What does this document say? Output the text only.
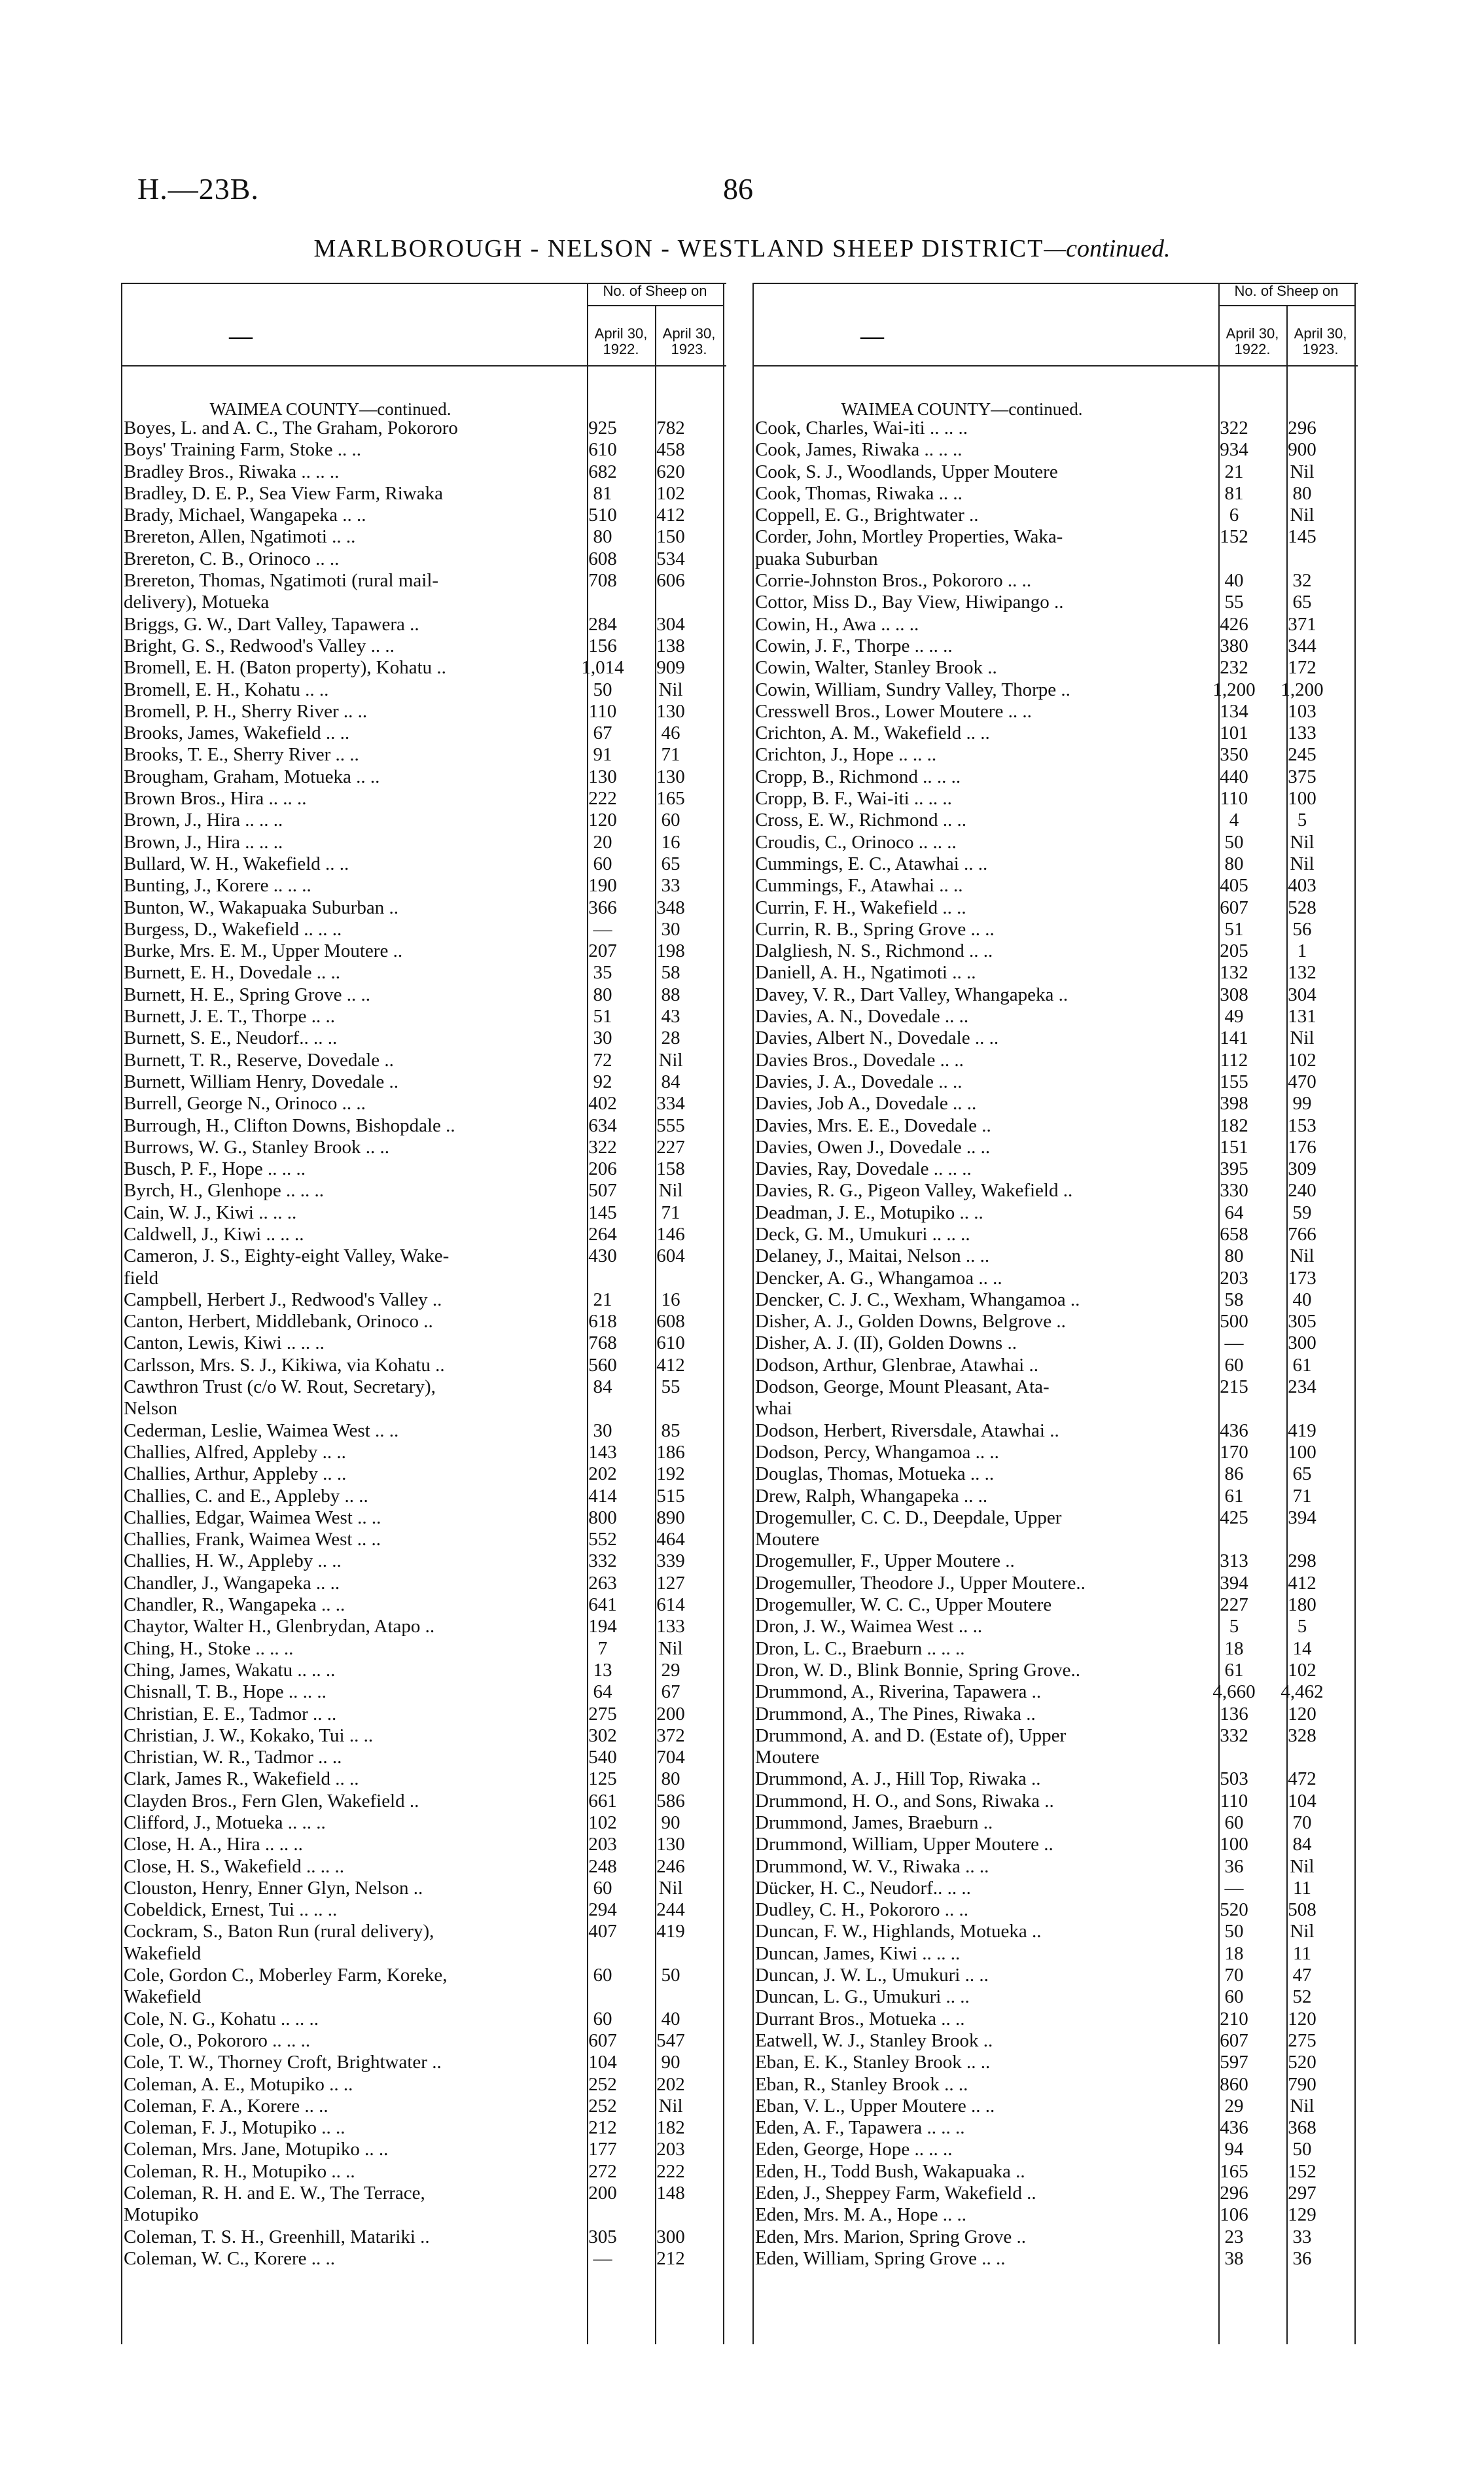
H.—23B.	86
MARLBOROUGH - NELSON - WESTLAND SHEEP DISTRICT—continued.
—
No. of Sheep on
April 30, 1922.
April 30, 1923.
WAIMEA COUNTY—continued.
Boyes, L. and A. C., The Graham, Pokororo	925	782
Boys' Training Farm, Stoke .. ..	610	458
Bradley Bros., Riwaka .. .. ..	682	620
Bradley, D. E. P., Sea View Farm, Riwaka	81	102
Brady, Michael, Wangapeka .. ..	510	412
Brereton, Allen, Ngatimoti .. ..	80	150
Brereton, C. B., Orinoco .. ..	608	534
Brereton, Thomas, Ngatimoti (rural mail-	708	606
delivery), Motueka
Briggs, G. W., Dart Valley, Tapawera ..	284	304
Bright, G. S., Redwood's Valley .. ..	156	138
Bromell, E. H. (Baton property), Kohatu ..	1,014	909
Bromell, E. H., Kohatu .. ..	50	Nil
Bromell, P. H., Sherry River .. ..	110	130
Brooks, James, Wakefield .. ..	67	46
Brooks, T. E., Sherry River .. ..	91	71
Brougham, Graham, Motueka .. ..	130	130
Brown Bros., Hira .. .. ..	222	165
Brown, J., Hira .. .. ..	120	60
Brown, J., Hira .. .. ..	20	16
Bullard, W. H., Wakefield .. ..	60	65
Bunting, J., Korere .. .. ..	190	33
Bunton, W., Wakapuaka Suburban ..	366	348
Burgess, D., Wakefield .. .. ..	—	30
Burke, Mrs. E. M., Upper Moutere ..	207	198
Burnett, E. H., Dovedale .. ..	35	58
Burnett, H. E., Spring Grove .. ..	80	88
Burnett, J. E. T., Thorpe .. ..	51	43
Burnett, S. E., Neudorf.. .. ..	30	28
Burnett, T. R., Reserve, Dovedale ..	72	Nil
Burnett, William Henry, Dovedale ..	92	84
Burrell, George N., Orinoco .. ..	402	334
Burrough, H., Clifton Downs, Bishopdale ..	634	555
Burrows, W. G., Stanley Brook .. ..	322	227
Busch, P. F., Hope .. .. ..	206	158
Byrch, H., Glenhope .. .. ..	507	Nil
Cain, W. J., Kiwi .. .. ..	145	71
Caldwell, J., Kiwi .. .. ..	264	146
Cameron, J. S., Eighty-eight Valley, Wake-	430	604
field
Campbell, Herbert J., Redwood's Valley ..	21	16
Canton, Herbert, Middlebank, Orinoco ..	618	608
Canton, Lewis, Kiwi .. .. ..	768	610
Carlsson, Mrs. S. J., Kikiwa, via Kohatu ..	560	412
Cawthron Trust (c/o W. Rout, Secretary),	84	55
Nelson
Cederman, Leslie, Waimea West .. ..	30	85
Challies, Alfred, Appleby .. ..	143	186
Challies, Arthur, Appleby .. ..	202	192
Challies, C. and E., Appleby .. ..	414	515
Challies, Edgar, Waimea West .. ..	800	890
Challies, Frank, Waimea West .. ..	552	464
Challies, H. W., Appleby .. ..	332	339
Chandler, J., Wangapeka .. ..	263	127
Chandler, R., Wangapeka .. ..	641	614
Chaytor, Walter H., Glenbrydan, Atapo ..	194	133
Ching, H., Stoke .. .. ..	7	Nil
Ching, James, Wakatu .. .. ..	13	29
Chisnall, T. B., Hope .. .. ..	64	67
Christian, E. E., Tadmor .. ..	275	200
Christian, J. W., Kokako, Tui .. ..	302	372
Christian, W. R., Tadmor .. ..	540	704
Clark, James R., Wakefield .. ..	125	80
Clayden Bros., Fern Glen, Wakefield ..	661	586
Clifford, J., Motueka .. .. ..	102	90
Close, H. A., Hira .. .. ..	203	130
Close, H. S., Wakefield .. .. ..	248	246
Clouston, Henry, Enner Glyn, Nelson ..	60	Nil
Cobeldick, Ernest, Tui .. .. ..	294	244
Cockram, S., Baton Run (rural delivery),	407	419
Wakefield
Cole, Gordon C., Moberley Farm, Koreke,	60	50
Wakefield
Cole, N. G., Kohatu .. .. ..	60	40
Cole, O., Pokororo .. .. ..	607	547
Cole, T. W., Thorney Croft, Brightwater ..	104	90
Coleman, A. E., Motupiko .. ..	252	202
Coleman, F. A., Korere .. ..	252	Nil
Coleman, F. J., Motupiko .. ..	212	182
Coleman, Mrs. Jane, Motupiko .. ..	177	203
Coleman, R. H., Motupiko .. ..	272	222
Coleman, R. H. and E. W., The Terrace,	200	148
Motupiko
Coleman, T. S. H., Greenhill, Matariki ..	305	300
Coleman, W. C., Korere .. ..	—	212
—
No. of Sheep on
April 30, 1922.
April 30, 1923.
WAIMEA COUNTY—continued.
Cook, Charles, Wai-iti .. .. ..	322	296
Cook, James, Riwaka .. .. ..	934	900
Cook, S. J., Woodlands, Upper Moutere	21	Nil
Cook, Thomas, Riwaka .. ..	81	80
Coppell, E. G., Brightwater ..	6	Nil
Corder, John, Mortley Properties, Waka-	152	145
puaka Suburban
Corrie-Johnston Bros., Pokororo .. ..	40	32
Cottor, Miss D., Bay View, Hiwipango ..	55	65
Cowin, H., Awa .. .. ..	426	371
Cowin, J. F., Thorpe .. .. ..	380	344
Cowin, Walter, Stanley Brook ..	232	172
Cowin, William, Sundry Valley, Thorpe ..	1,200	1,200
Cresswell Bros., Lower Moutere .. ..	134	103
Crichton, A. M., Wakefield .. ..	101	133
Crichton, J., Hope .. .. ..	350	245
Cropp, B., Richmond .. .. ..	440	375
Cropp, B. F., Wai-iti .. .. ..	110	100
Cross, E. W., Richmond .. ..	4	5
Croudis, C., Orinoco .. .. ..	50	Nil
Cummings, E. C., Atawhai .. ..	80	Nil
Cummings, F., Atawhai .. ..	405	403
Currin, F. H., Wakefield .. ..	607	528
Currin, R. B., Spring Grove .. ..	51	56
Dalgliesh, N. S., Richmond .. ..	205	1
Daniell, A. H., Ngatimoti .. ..	132	132
Davey, V. R., Dart Valley, Whangapeka ..	308	304
Davies, A. N., Dovedale .. ..	49	131
Davies, Albert N., Dovedale .. ..	141	Nil
Davies Bros., Dovedale .. ..	112	102
Davies, J. A., Dovedale .. ..	155	470
Davies, Job A., Dovedale .. ..	398	99
Davies, Mrs. E. E., Dovedale ..	182	153
Davies, Owen J., Dovedale .. ..	151	176
Davies, Ray, Dovedale .. .. ..	395	309
Davies, R. G., Pigeon Valley, Wakefield ..	330	240
Deadman, J. E., Motupiko .. ..	64	59
Deck, G. M., Umukuri .. .. ..	658	766
Delaney, J., Maitai, Nelson .. ..	80	Nil
Dencker, A. G., Whangamoa .. ..	203	173
Dencker, C. J. C., Wexham, Whangamoa ..	58	40
Disher, A. J., Golden Downs, Belgrove ..	500	305
Disher, A. J. (II), Golden Downs ..	—	300
Dodson, Arthur, Glenbrae, Atawhai ..	60	61
Dodson, George, Mount Pleasant, Ata-	215	234
whai
Dodson, Herbert, Riversdale, Atawhai ..	436	419
Dodson, Percy, Whangamoa .. ..	170	100
Douglas, Thomas, Motueka .. ..	86	65
Drew, Ralph, Whangapeka .. ..	61	71
Drogemuller, C. C. D., Deepdale, Upper	425	394
Moutere
Drogemuller, F., Upper Moutere ..	313	298
Drogemuller, Theodore J., Upper Moutere..	394	412
Drogemuller, W. C. C., Upper Moutere	227	180
Dron, J. W., Waimea West .. ..	5	5
Dron, L. C., Braeburn .. .. ..	18	14
Dron, W. D., Blink Bonnie, Spring Grove..	61	102
Drummond, A., Riverina, Tapawera ..	4,660	4,462
Drummond, A., The Pines, Riwaka ..	136	120
Drummond, A. and D. (Estate of), Upper	332	328
Moutere
Drummond, A. J., Hill Top, Riwaka ..	503	472
Drummond, H. O., and Sons, Riwaka ..	110	104
Drummond, James, Braeburn ..	60	70
Drummond, William, Upper Moutere ..	100	84
Drummond, W. V., Riwaka .. ..	36	Nil
Dücker, H. C., Neudorf.. .. ..	—	11
Dudley, C. H., Pokororo .. ..	520	508
Duncan, F. W., Highlands, Motueka ..	50	Nil
Duncan, James, Kiwi .. .. ..	18	11
Duncan, J. W. L., Umukuri .. ..	70	47
Duncan, L. G., Umukuri .. ..	60	52
Durrant Bros., Motueka .. ..	210	120
Eatwell, W. J., Stanley Brook ..	607	275
Eban, E. K., Stanley Brook .. ..	597	520
Eban, R., Stanley Brook .. ..	860	790
Eban, V. L., Upper Moutere .. ..	29	Nil
Eden, A. F., Tapawera .. .. ..	436	368
Eden, George, Hope .. .. ..	94	50
Eden, H., Todd Bush, Wakapuaka ..	165	152
Eden, J., Sheppey Farm, Wakefield ..	296	297
Eden, Mrs. M. A., Hope .. ..	106	129
Eden, Mrs. Marion, Spring Grove ..	23	33
Eden, William, Spring Grove .. ..	38	36
